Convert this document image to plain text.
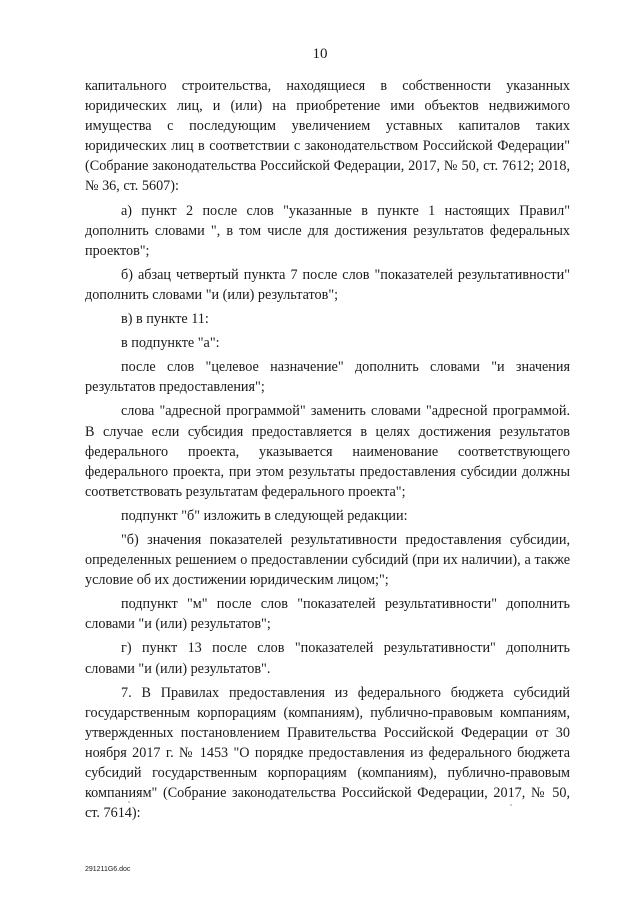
10

капитального строительства, находящиеся в собственности указанных юридических лиц, и (или) на приобретение ими объектов недвижимого имущества с последующим увеличением уставных капиталов таких юридических лиц в соответствии с законодательством Российской Федерации" (Собрание законодательства Российской Федерации, 2017, № 50, ст. 7612; 2018, № 36, ст. 5607):

а) пункт 2 после слов "указанные в пункте 1 настоящих Правил" дополнить словами ", в том числе для достижения результатов федеральных проектов";

б) абзац четвертый пункта 7 после слов "показателей результативности" дополнить словами "и (или) результатов";

в) в пункте 11:

в подпункте "а":

после слов "целевое назначение" дополнить словами "и значения результатов предоставления";

слова "адресной программой" заменить словами "адресной программой. В случае если субсидия предоставляется в целях достижения результатов федерального проекта, указывается наименование соответствующего федерального проекта, при этом результаты предоставления субсидии должны соответствовать результатам федерального проекта";

подпункт "б" изложить в следующей редакции:

"б) значения показателей результативности предоставления субсидии, определенных решением о предоставлении субсидий (при их наличии), а также условие об их достижении юридическим лицом;";

подпункт "м" после слов "показателей результативности" дополнить словами "и (или) результатов";

г) пункт 13 после слов "показателей результативности" дополнить словами "и (или) результатов".

7. В Правилах предоставления из федерального бюджета субсидий государственным корпорациям (компаниям), публично-правовым компаниям, утвержденных постановлением Правительства Российской Федерации от 30 ноября 2017 г. № 1453 "О порядке предоставления из федерального бюджета субсидий государственным корпорациям (компаниям), публично-правовым компаниям" (Собрание законодательства Российской Федерации, 2017, № 50, ст. 7614):

291211G6.doc
